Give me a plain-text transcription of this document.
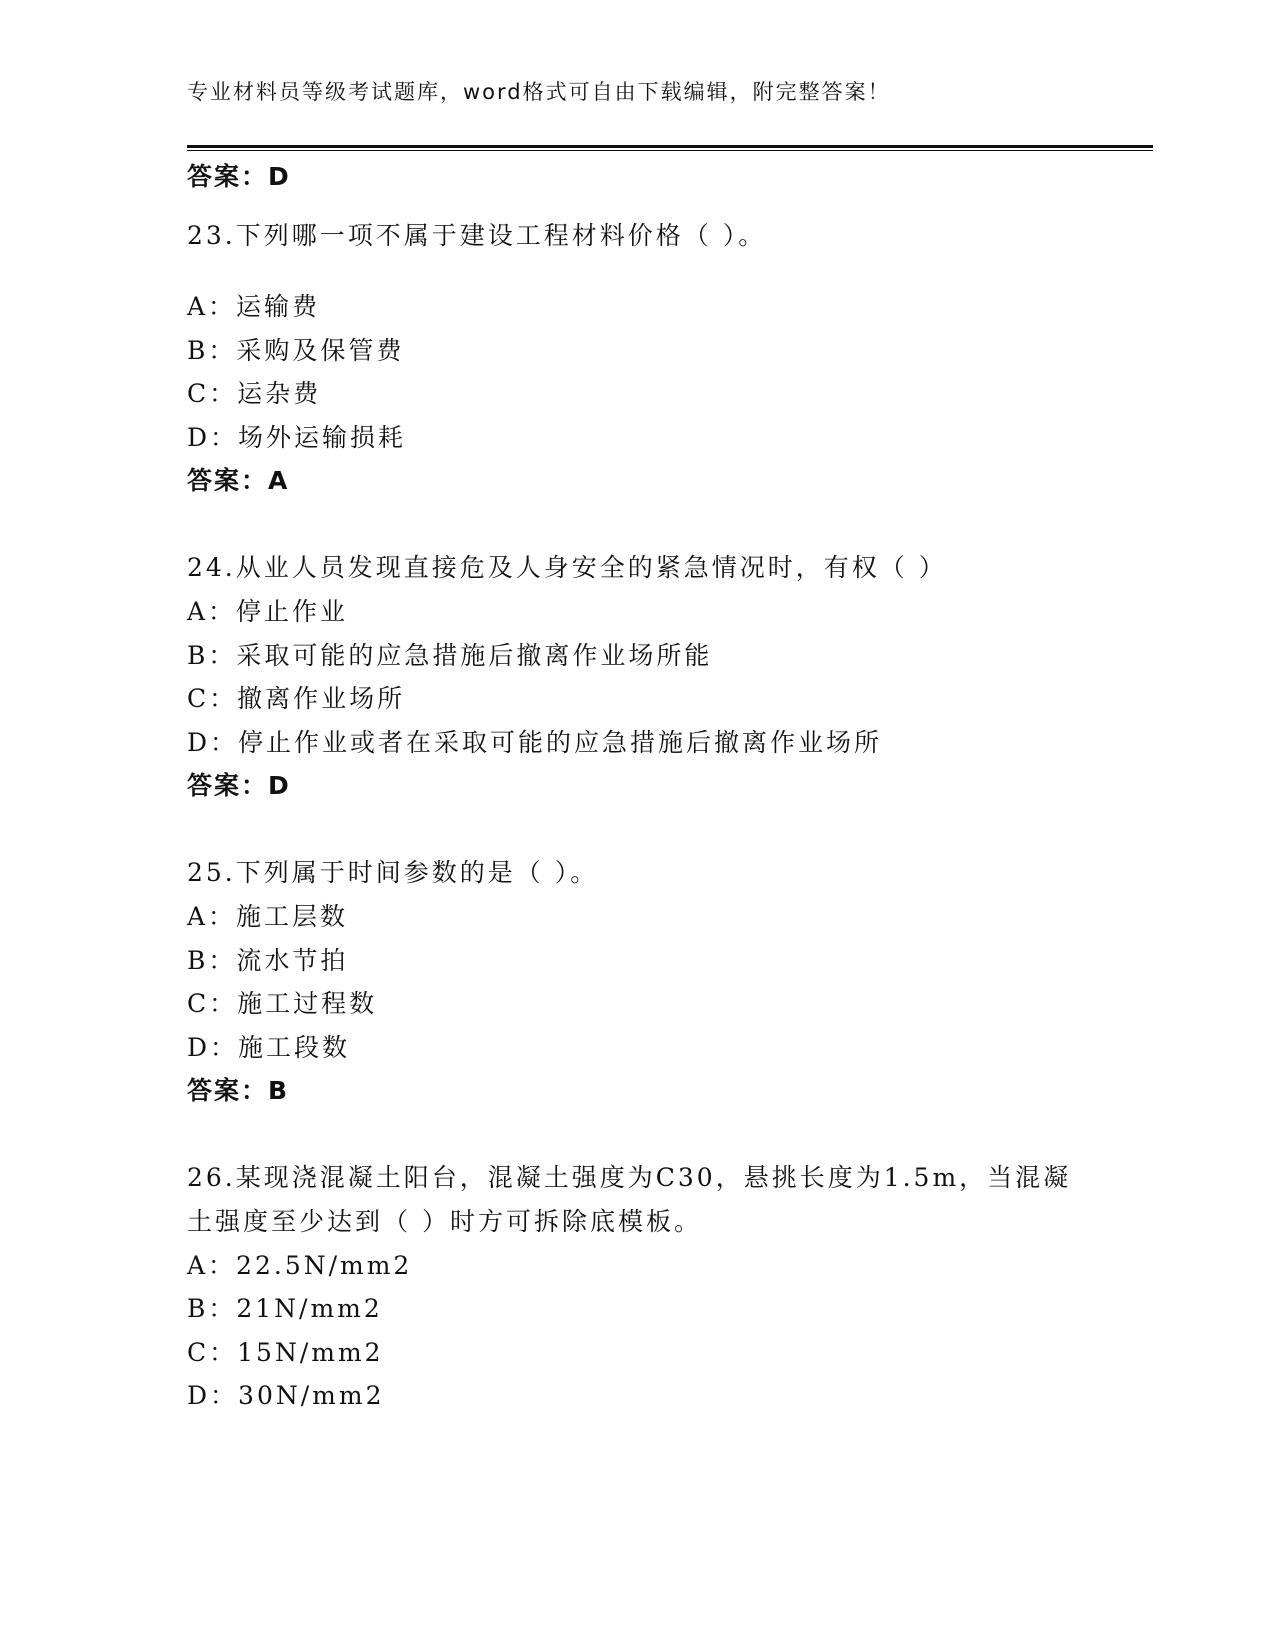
专业材料员等级考试题库，word格式可自由下载编辑，附完整答案！
答案：D
23.下列哪一项不属于建设工程材料价格（ ）。
A：运输费
B：采购及保管费
C：运杂费
D：场外运输损耗
答案：A
24.从业人员发现直接危及人身安全的紧急情况时，有权（ ）
A：停止作业
B：采取可能的应急措施后撤离作业场所能
C：撤离作业场所
D：停止作业或者在采取可能的应急措施后撤离作业场所
答案：D
25.下列属于时间参数的是（ ）。
A：施工层数
B：流水节拍
C：施工过程数
D：施工段数
答案：B
26.某现浇混凝土阳台，混凝土强度为C30，悬挑长度为1.5m，当混凝
土强度至少达到（ ）时方可拆除底模板。
A：22.5N/mm2
B：21N/mm2
C：15N/mm2
D：30N/mm2
